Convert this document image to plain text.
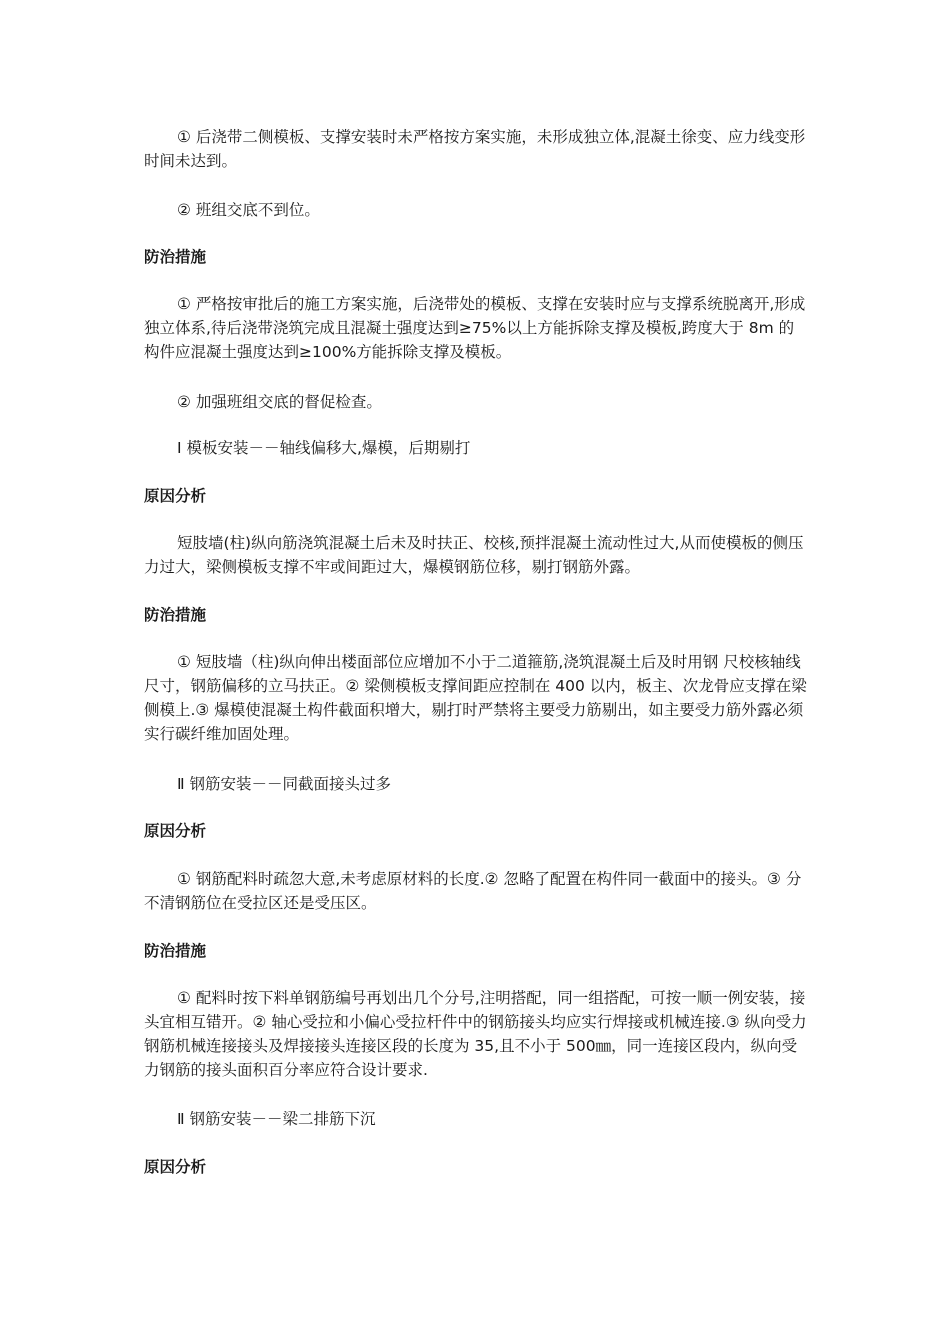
① 后浇带二侧模板、支撑安装时未严格按方案实施，未形成独立体,混凝土徐变、应力线变形时间未达到。

② 班组交底不到位。

防治措施

① 严格按审批后的施工方案实施，后浇带处的模板、支撑在安装时应与支撑系统脱离开,形成独立体系,待后浇带浇筑完成且混凝土强度达到≥75%以上方能拆除支撑及模板,跨度大于 8m 的构件应混凝土强度达到≥100%方能拆除支撑及模板。

② 加强班组交底的督促检查。

Ⅰ 模板安装－－轴线偏移大,爆模，后期剔打

原因分析

短肢墙(柱)纵向筋浇筑混凝土后未及时扶正、校核,预拌混凝土流动性过大,从而使模板的侧压力过大，梁侧模板支撑不牢或间距过大，爆模钢筋位移，剔打钢筋外露。

防治措施

① 短肢墙（柱)纵向伸出楼面部位应增加不小于二道箍筋,浇筑混凝土后及时用钢 尺校核轴线尺寸，钢筋偏移的立马扶正。② 梁侧模板支撑间距应控制在 400 以内，板主、次龙骨应支撑在梁侧模上.③ 爆模使混凝土构件截面积增大，剔打时严禁将主要受力筋剔出，如主要受力筋外露必须实行碳纤维加固处理。

Ⅱ 钢筋安装－－同截面接头过多

原因分析

① 钢筋配料时疏忽大意,未考虑原材料的长度.② 忽略了配置在构件同一截面中的接头。③ 分不清钢筋位在受拉区还是受压区。

防治措施

① 配料时按下料单钢筋编号再划出几个分号,注明搭配，同一组搭配，可按一顺一例安装，接头宜相互错开。② 轴心受拉和小偏心受拉杆件中的钢筋接头均应实行焊接或机械连接.③ 纵向受力钢筋机械连接接头及焊接接头连接区段的长度为 35,且不小于 500㎜，同一连接区段内，纵向受力钢筋的接头面积百分率应符合设计要求.

Ⅱ 钢筋安装－－梁二排筋下沉

原因分析
